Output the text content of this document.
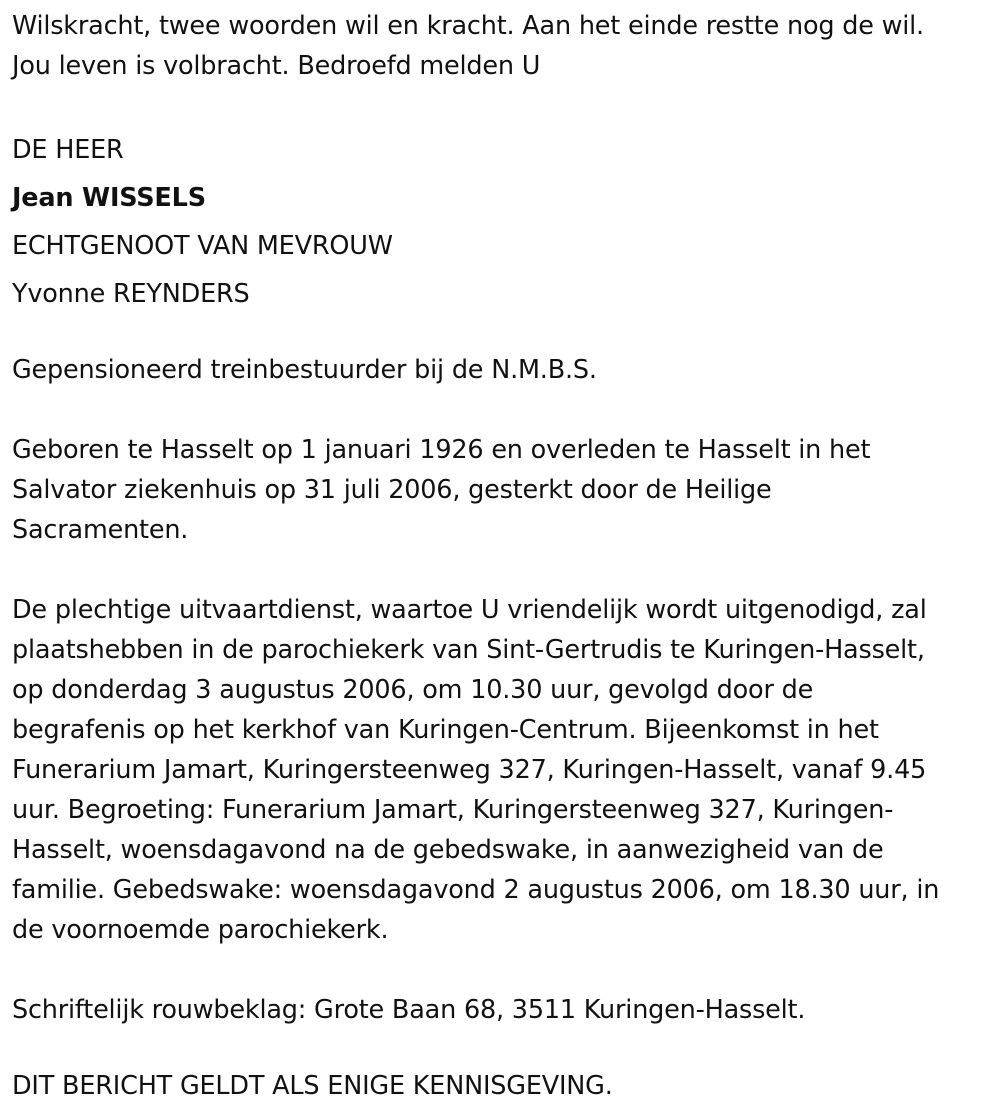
Wilskracht, twee woorden wil en kracht. Aan het einde restte nog de wil.

Jou leven is volbracht. Bedroefd melden U

DE HEER

Jean WISSELS

ECHTGENOOT VAN MEVROUW

Yvonne REYNDERS

Gepensioneerd treinbestuurder bij de N.M.B.S.

Geboren te Hasselt op 1 januari 1926 en overleden te Hasselt in het

Salvator ziekenhuis op 31 juli 2006, gesterkt door de Heilige

Sacramenten.

De plechtige uitvaartdienst, waartoe U vriendelijk wordt uitgenodigd, zal

plaatshebben in de parochiekerk van Sint-Gertrudis te Kuringen-Hasselt,

op donderdag 3 augustus 2006, om 10.30 uur, gevolgd door de

begrafenis op het kerkhof van Kuringen-Centrum. Bijeenkomst in het

Funerarium Jamart, Kuringersteenweg 327, Kuringen-Hasselt, vanaf 9.45

uur. Begroeting: Funerarium Jamart, Kuringersteenweg 327, Kuringen-

Hasselt, woensdagavond na de gebedswake, in aanwezigheid van de

familie. Gebedswake: woensdagavond 2 augustus 2006, om 18.30 uur, in

de voornoemde parochiekerk.

Schriftelijk rouwbeklag: Grote Baan 68, 3511 Kuringen-Hasselt.

DIT BERICHT GELDT ALS ENIGE KENNISGEVING.
